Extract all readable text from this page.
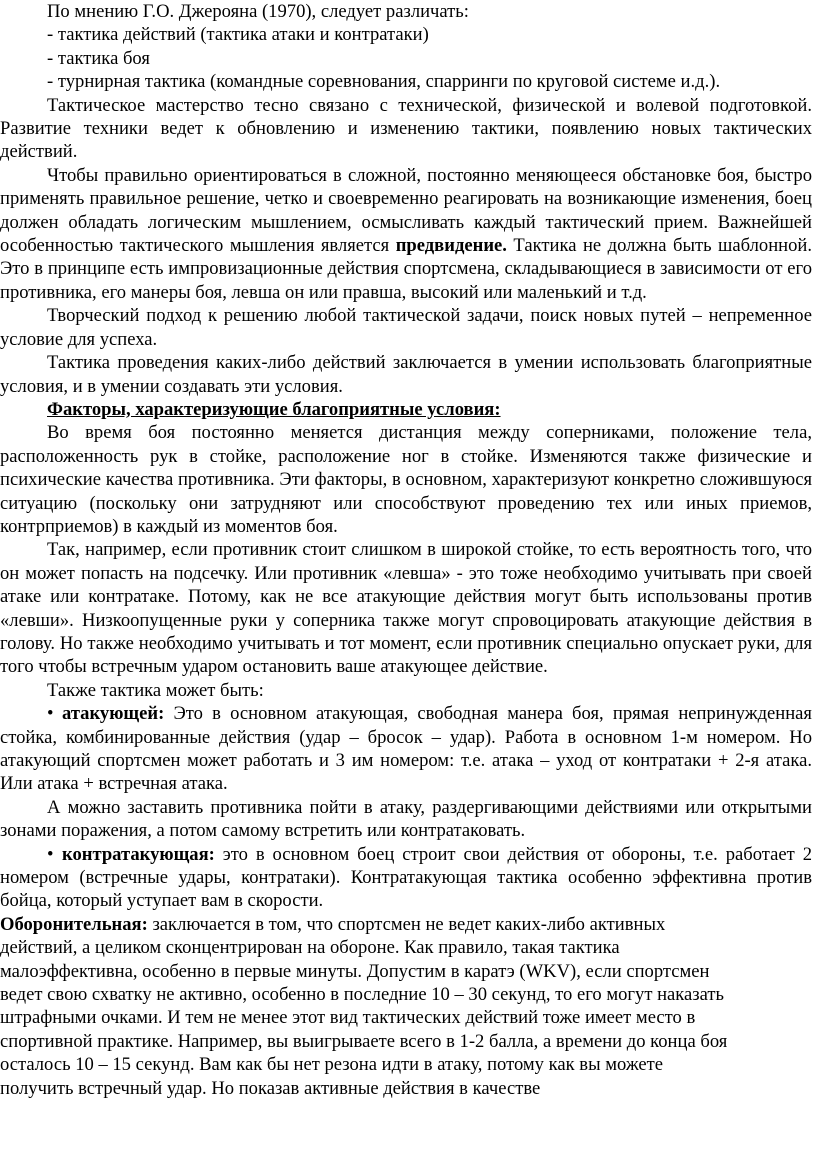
По мнению Г.О. Джерояна (1970), следует различать:

- тактика действий (тактика атаки и контратаки)

- тактика боя

- турнирная тактика (командные соревнования, спарринги по круговой системе и.д.).

Тактическое мастерство тесно связано с технической, физической и волевой подготовкой. Развитие техники ведет к обновлению и изменению тактики, появлению новых тактических действий.

Чтобы правильно ориентироваться в сложной, постоянно меняющееся обстановке боя, быстро применять правильное решение, четко и своевременно реагировать на возникающие изменения, боец должен обладать логическим мышлением, осмысливать каждый тактический прием. Важнейшей особенностью тактического мышления является предвидение. Тактика не должна быть шаблонной. Это в принципе есть импровизационные действия спортсмена, складывающиеся в зависимости от его противника, его манеры боя, левша он или правша, высокий или маленький и т.д.

Творческий подход к решению любой тактической задачи, поиск новых путей – непременное условие для успеха.

Тактика проведения каких-либо действий заключается в умении использовать благоприятные условия, и в умении создавать эти условия.

Факторы, характеризующие благоприятные условия:

Во время боя постоянно меняется дистанция между соперниками, положение тела, расположенность рук в стойке, расположение ног в стойке. Изменяются также физические и психические качества противника. Эти факторы, в основном, характеризуют конкретно сложившуюся ситуацию (поскольку они затрудняют или способствуют проведению тех или иных приемов, контрприемов) в каждый из моментов боя.

Так, например, если противник стоит слишком в широкой стойке, то есть вероятность того, что он может попасть на подсечку. Или противник «левша» - это тоже необходимо учитывать при своей атаке или контратаке. Потому, как не все атакующие действия могут быть использованы против «левши». Низкоопущенные руки у соперника также могут спровоцировать атакующие действия в голову. Но также необходимо учитывать и тот момент, если противник специально опускает руки, для того чтобы встречным ударом остановить ваше атакующее действие.

Также тактика может быть:

• атакующей: Это в основном атакующая, свободная манера боя, прямая непринужденная стойка, комбинированные действия (удар – бросок – удар). Работа в основном 1-м номером. Но атакующий спортсмен может работать и 3 им номером: т.е. атака – уход от контратаки + 2-я атака. Или атака + встречная атака.

А можно заставить противника пойти в атаку, раздергивающими действиями или открытыми зонами поражения, а потом самому встретить или контратаковать.

• контратакующая: это в основном боец строит свои действия от обороны, т.е. работает 2 номером (встречные удары, контратаки). Контратакующая тактика особенно эффективна против бойца, который уступает вам в скорости.

Оборонительная: заключается в том, что спортсмен не ведет каких-либо активных
действий, а целиком сконцентрирован на обороне. Как правило, такая тактика
малоэффективна, особенно в первые минуты. Допустим в каратэ (WKV), если спортсмен
ведет свою схватку не активно, особенно в последние 10 – 30 секунд, то его могут наказать
штрафными очками. И тем не менее этот вид тактических действий тоже имеет место в
спортивной практике. Например, вы выигрываете всего в 1-2 балла, а времени до конца боя
осталось 10 – 15 секунд. Вам как бы нет резона идти в атаку, потому как вы можете
получить встречный удар. Но показав активные действия в качестве
